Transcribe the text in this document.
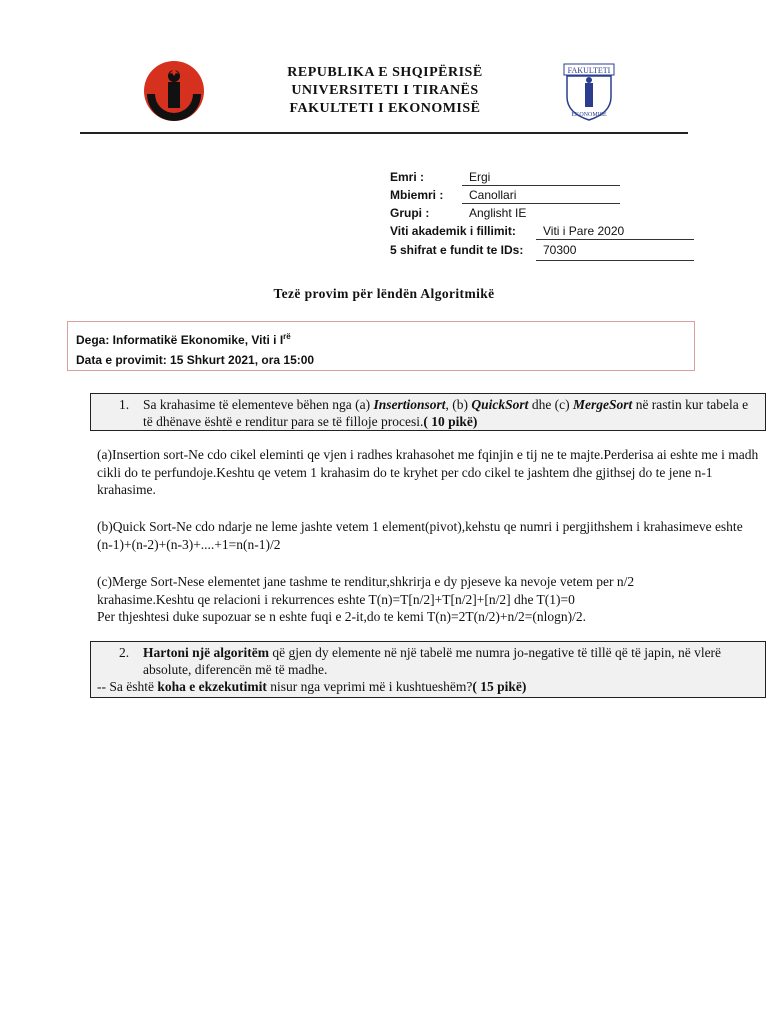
FAKULTETI
EKONOMISË
REPUBLIKA E SHQIPËRISË
UNIVERSITETI I TIRANËS
FAKULTETI I EKONOMISË
Emri :	Ergi
Mbiemri :	Canollari
Grupi :	Anglisht IE
Viti akademik i fillimit:	Viti i Pare 2020
5 shifrat e fundit te IDs:	70300
Tezë provim për lëndën Algoritmikë
Dega: Informatikë Ekonomike, Viti i $I^{rë}$
Data e provimit: 15 Shkurt 2021, ora 15:00
1. Sa krahasime të elementeve bëhen nga (a) Insertionsort, (b) QuickSort dhe (c) MergeSort në rastin kur tabela e të dhënave është e renditur para se të filloje procesi.( 10 pikë)
(a)Insertion sort-Ne cdo cikel eleminti qe vjen i radhes krahasohet me fqinjin e tij ne te majte.Perderisa ai eshte me i madh cikli do te perfundoje.Keshtu qe vetem 1 krahasim do te kryhet per cdo cikel te jashtem dhe gjithsej do te jene n-1 krahasime.
(b)Quick Sort-Ne cdo ndarje ne leme jashte vetem 1 element(pivot),kehstu qe numri i pergjithshem i krahasimeve eshte (n-1)+(n-2)+(n-3)+....+1=n(n-1)/2
(c)Merge Sort-Nese elementet jane tashme te renditur,shkrirja e dy pjeseve ka nevoje vetem per n/2
krahasime.Keshtu qe relacioni i rekurrences eshte T(n)=T[n/2]+T[n/2]+[n/2] dhe T(1)=0
Per thjeshtesi duke supozuar se n eshte fuqi e 2-it,do te kemi T(n)=2T(n/2)+n/2=(nlogn)/2.
2. Hartoni një algoritëm që gjen dy elemente në një tabelë me numra jo-negative të tillë që të japin, në vlerë absolute, diferencën më të madhe.
-- Sa është koha e ekzekutimit nisur nga veprimi më i kushtueshëm?( 15 pikë)
